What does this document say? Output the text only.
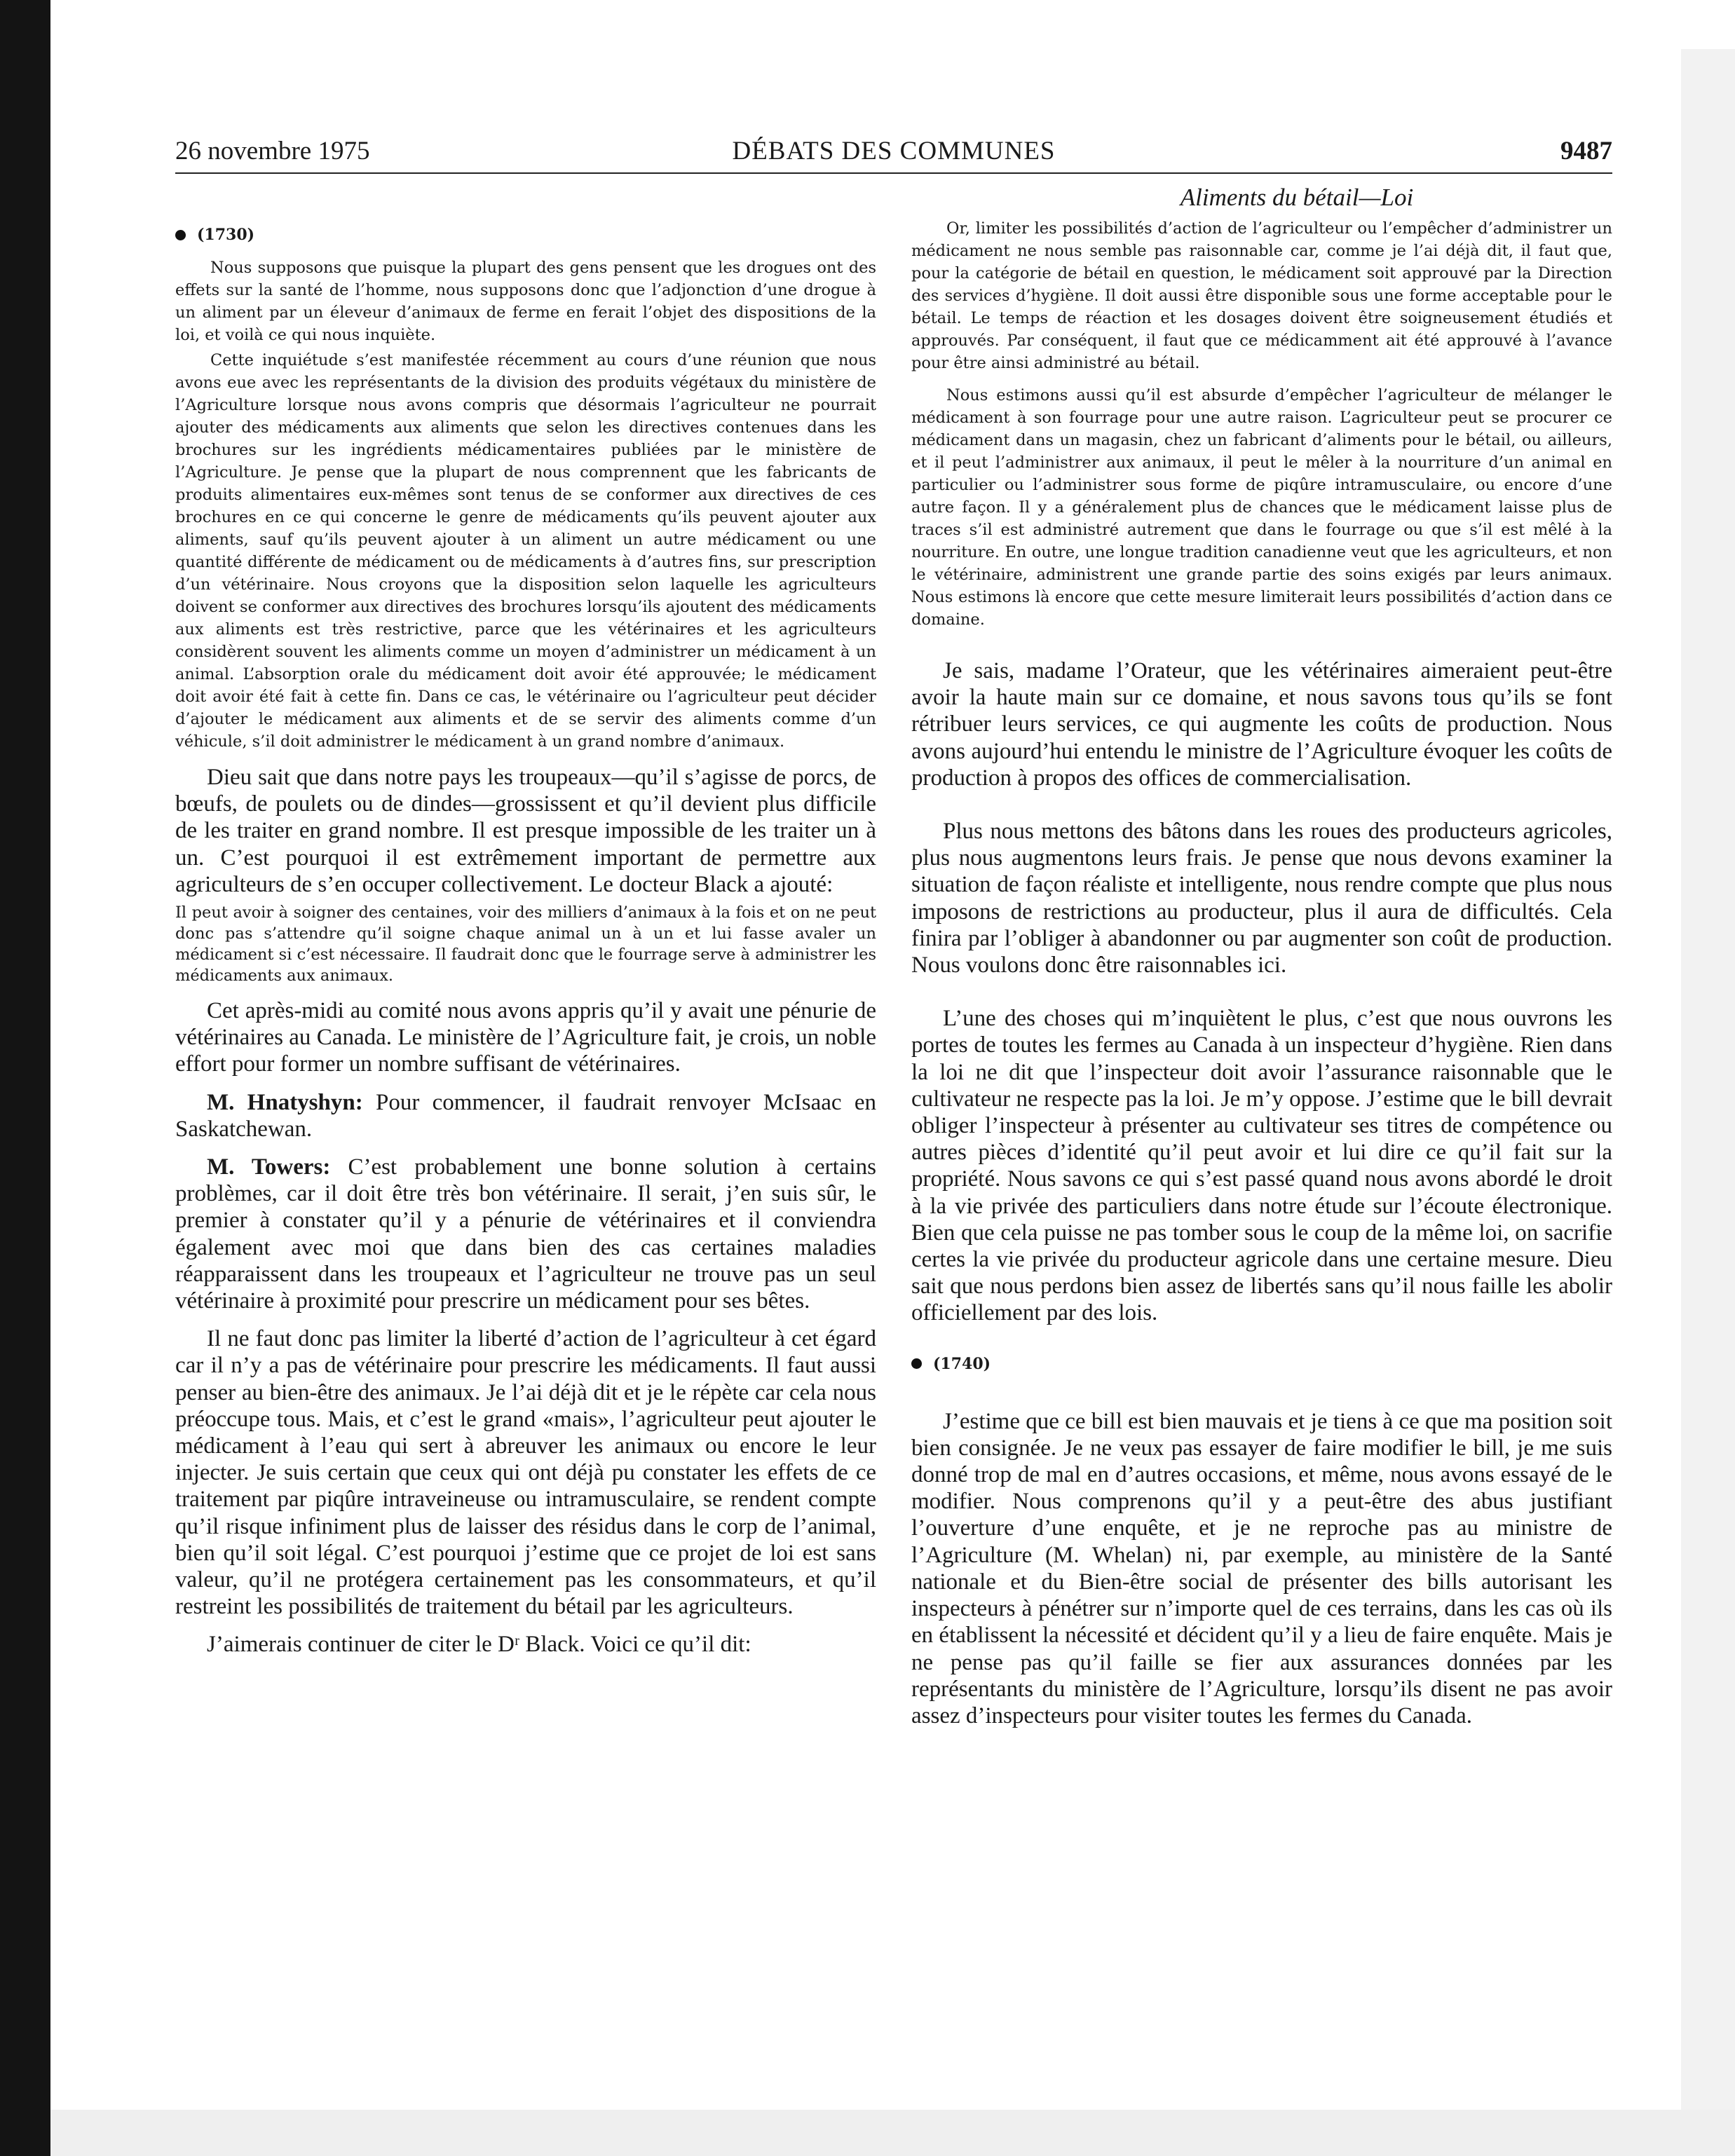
26 novembre 1975	DÉBATS DES COMMUNES	9487
(1730)

Nous supposons que puisque la plupart des gens pensent que les drogues ont des effets sur la santé de l’homme, nous supposons donc que l’adjonction d’une drogue à un aliment par un éleveur d’animaux de ferme en ferait l’objet des dispositions de la loi, et voilà ce qui nous inquiète.

Cette inquiétude s’est manifestée récemment au cours d’une réunion que nous avons eue avec les représentants de la division des produits végétaux du ministère de l’Agriculture lorsque nous avons compris que désormais l’agriculteur ne pourrait ajouter des médicaments aux aliments que selon les directives contenues dans les brochures sur les ingrédients médicamentaires publiées par le ministère de l’Agriculture. Je pense que la plupart de nous comprennent que les fabricants de produits alimentaires eux-mêmes sont tenus de se conformer aux directives de ces brochures en ce qui concerne le genre de médicaments qu’ils peuvent ajouter aux aliments, sauf qu’ils peuvent ajouter à un aliment un autre médicament ou une quantité différente de médicament ou de médicaments à d’autres fins, sur prescription d’un vétérinaire. Nous croyons que la disposition selon laquelle les agriculteurs doivent se conformer aux directives des brochures lorsqu’ils ajoutent des médicaments aux aliments est très restrictive, parce que les vétérinaires et les agriculteurs considèrent souvent les aliments comme un moyen d’administrer un médicament à un animal. L’absorption orale du médicament doit avoir été approuvée; le médicament doit avoir été fait à cette fin. Dans ce cas, le vétérinaire ou l’agriculteur peut décider d’ajouter le médicament aux aliments et de se servir des aliments comme d’un véhicule, s’il doit administrer le médicament à un grand nombre d’animaux.

Dieu sait que dans notre pays les troupeaux—qu’il s’agisse de porcs, de bœufs, de poulets ou de dindes—grossissent et qu’il devient plus difficile de les traiter en grand nombre. Il est presque impossible de les traiter un à un. C’est pourquoi il est extrêmement important de permettre aux agriculteurs de s’en occuper collectivement. Le docteur Black a ajouté:

Il peut avoir à soigner des centaines, voir des milliers d’animaux à la fois et on ne peut donc pas s’attendre qu’il soigne chaque animal un à un et lui fasse avaler un médicament si c’est nécessaire. Il faudrait donc que le fourrage serve à administrer les médicaments aux animaux.

Cet après-midi au comité nous avons appris qu’il y avait une pénurie de vétérinaires au Canada. Le ministère de l’Agriculture fait, je crois, un noble effort pour former un nombre suffisant de vétérinaires.

M. Hnatyshyn: Pour commencer, il faudrait renvoyer McIsaac en Saskatchewan.

M. Towers: C’est probablement une bonne solution à certains problèmes, car il doit être très bon vétérinaire. Il serait, j’en suis sûr, le premier à constater qu’il y a pénurie de vétérinaires et il conviendra également avec moi que dans bien des cas certaines maladies réapparaissent dans les troupeaux et l’agriculteur ne trouve pas un seul vétérinaire à proximité pour prescrire un médicament pour ses bêtes.

Il ne faut donc pas limiter la liberté d’action de l’agriculteur à cet égard car il n’y a pas de vétérinaire pour prescrire les médicaments. Il faut aussi penser au bien-être des animaux. Je l’ai déjà dit et je le répète car cela nous préoccupe tous. Mais, et c’est le grand «mais», l’agriculteur peut ajouter le médicament à l’eau qui sert à abreuver les animaux ou encore le leur injecter. Je suis certain que ceux qui ont déjà pu constater les effets de ce traitement par piqûre intraveineuse ou intramusculaire, se rendent compte qu’il risque infiniment plus de laisser des résidus dans le corp de l’animal, bien qu’il soit légal. C’est pourquoi j’estime que ce projet de loi est sans valeur, qu’il ne protégera certainement pas les consommateurs, et qu’il restreint les possibilités de traitement du bétail par les agriculteurs.

J’aimerais continuer de citer le Dʳ Black. Voici ce qu’il dit:

Aliments du bétail—Loi

Or, limiter les possibilités d’action de l’agriculteur ou l’empêcher d’administrer un médicament ne nous semble pas raisonnable car, comme je l’ai déjà dit, il faut que, pour la catégorie de bétail en question, le médicament soit approuvé par la Direction des services d’hygiène. Il doit aussi être disponible sous une forme acceptable pour le bétail. Le temps de réaction et les dosages doivent être soigneusement étudiés et approuvés. Par conséquent, il faut que ce médicamment ait été approuvé à l’avance pour être ainsi administré au bétail.

Nous estimons aussi qu’il est absurde d’empêcher l’agriculteur de mélanger le médicament à son fourrage pour une autre raison. L’agriculteur peut se procurer ce médicament dans un magasin, chez un fabricant d’aliments pour le bétail, ou ailleurs, et il peut l’administrer aux animaux, il peut le mêler à la nourriture d’un animal en particulier ou l’administrer sous forme de piqûre intramusculaire, ou encore d’une autre façon. Il y a généralement plus de chances que le médicament laisse plus de traces s’il est administré autrement que dans le fourrage ou que s’il est mêlé à la nourriture. En outre, une longue tradition canadienne veut que les agriculteurs, et non le vétérinaire, administrent une grande partie des soins exigés par leurs animaux. Nous estimons là encore que cette mesure limiterait leurs possibilités d’action dans ce domaine.

Je sais, madame l’Orateur, que les vétérinaires aimeraient peut-être avoir la haute main sur ce domaine, et nous savons tous qu’ils se font rétribuer leurs services, ce qui augmente les coûts de production. Nous avons aujourd’hui entendu le ministre de l’Agriculture évoquer les coûts de production à propos des offices de commercialisation.

Plus nous mettons des bâtons dans les roues des producteurs agricoles, plus nous augmentons leurs frais. Je pense que nous devons examiner la situation de façon réaliste et intelligente, nous rendre compte que plus nous imposons de restrictions au producteur, plus il aura de difficultés. Cela finira par l’obliger à abandonner ou par augmenter son coût de production. Nous voulons donc être raisonnables ici.

L’une des choses qui m’inquiètent le plus, c’est que nous ouvrons les portes de toutes les fermes au Canada à un inspecteur d’hygiène. Rien dans la loi ne dit que l’inspecteur doit avoir l’assurance raisonnable que le cultivateur ne respecte pas la loi. Je m’y oppose. J’estime que le bill devrait obliger l’inspecteur à présenter au cultivateur ses titres de compétence ou autres pièces d’identité qu’il peut avoir et lui dire ce qu’il fait sur la propriété. Nous savons ce qui s’est passé quand nous avons abordé le droit à la vie privée des particuliers dans notre étude sur l’écoute électronique. Bien que cela puisse ne pas tomber sous le coup de la même loi, on sacrifie certes la vie privée du producteur agricole dans une certaine mesure. Dieu sait que nous perdons bien assez de libertés sans qu’il nous faille les abolir officiellement par des lois.

(1740)

J’estime que ce bill est bien mauvais et je tiens à ce que ma position soit bien consignée. Je ne veux pas essayer de faire modifier le bill, je me suis donné trop de mal en d’autres occasions, et même, nous avons essayé de le modifier. Nous comprenons qu’il y a peut-être des abus justifiant l’ouverture d’une enquête, et je ne reproche pas au ministre de l’Agriculture (M. Whelan) ni, par exemple, au ministère de la Santé nationale et du Bien-être social de présenter des bills autorisant les inspecteurs à pénétrer sur n’importe quel de ces terrains, dans les cas où ils en établissent la nécessité et décident qu’il y a lieu de faire enquête. Mais je ne pense pas qu’il faille se fier aux assurances données par les représentants du ministère de l’Agriculture, lorsqu’ils disent ne pas avoir assez d’inspecteurs pour visiter toutes les fermes du Canada.
